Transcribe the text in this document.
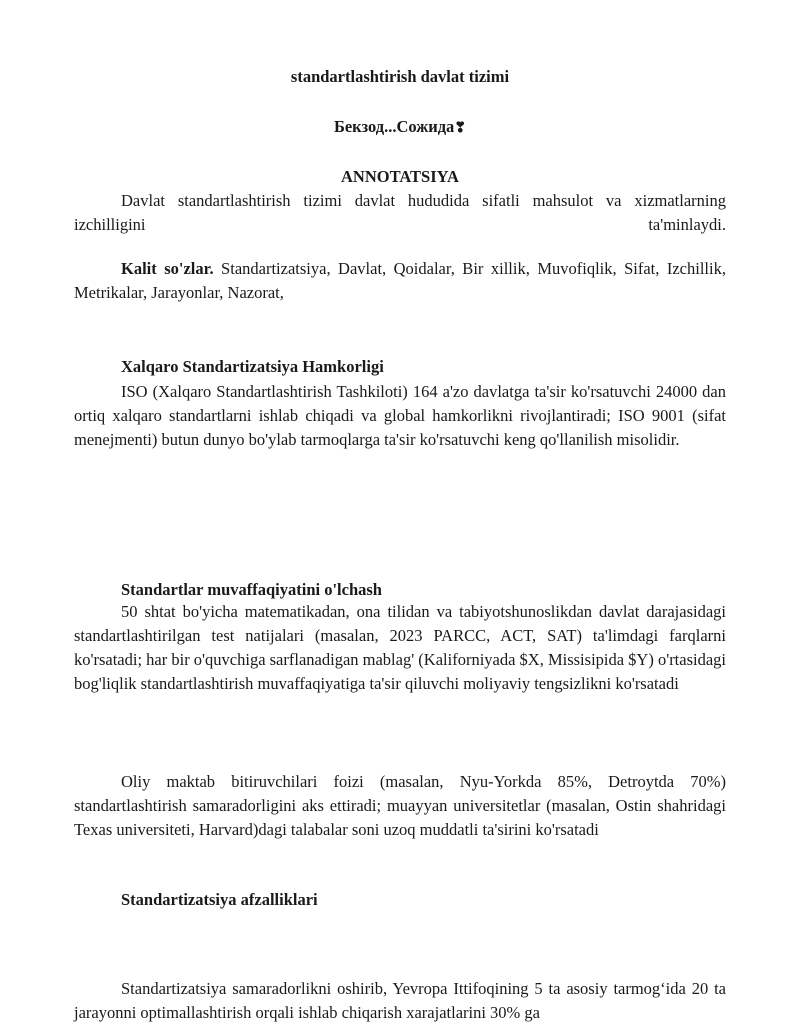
standartlashtirish davlat tizimi
Бекзод...Сожида❣
ANNOTATSIYA

Davlat standartlashtirish tizimi davlat hududida sifatli mahsulot va xizmatlarning izchilligini ta'minlaydi.

Kalit so'zlar. Standartizatsiya, Davlat, Qoidalar, Bir xillik, Muvofiqlik, Sifat, Izchillik, Metrikalar, Jarayonlar, Nazorat,

Xalqaro Standartizatsiya Hamkorligi

ISO (Xalqaro Standartlashtirish Tashkiloti) 164 a'zo davlatga ta'sir ko'rsatuvchi 24000 dan ortiq xalqaro standartlarni ishlab chiqadi va global hamkorlikni rivojlantiradi; ISO 9001 (sifat menejmenti) butun dunyo bo'ylab tarmoqlarga ta'sir ko'rsatuvchi keng qo'llanilish misolidir.

Standartlar muvaffaqiyatini o'lchash

50 shtat bo'yicha matematikadan, ona tilidan va tabiyotshunoslikdan davlat darajasidagi standartlashtirilgan test natijalari (masalan, 2023 PARCC, ACT, SAT) ta'limdagi farqlarni ko'rsatadi; har bir o'quvchiga sarflanadigan mablag' (Kaliforniyada $X, Missisipida $Y) o'rtasidagi bog'liqlik standartlashtirish muvaffaqiyatiga ta'sir qiluvchi moliyaviy tengsizlikni ko'rsatadi

Oliy maktab bitiruvchilari foizi (masalan, Nyu-Yorkda 85%, Detroytda 70%) standartlashtirish samaradorligini aks ettiradi; muayyan universitetlar (masalan, Ostin shahridagi Texas universiteti, Harvard)dagi talabalar soni uzoq muddatli ta'sirini ko'rsatadi

Standartizatsiya afzalliklari

Standartizatsiya samaradorlikni oshirib, Yevropa Ittifoqining 5 ta asosiy tarmog‘ida 20 ta jarayonni optimallashtirish orqali ishlab chiqarish xarajatlarini 30% ga
